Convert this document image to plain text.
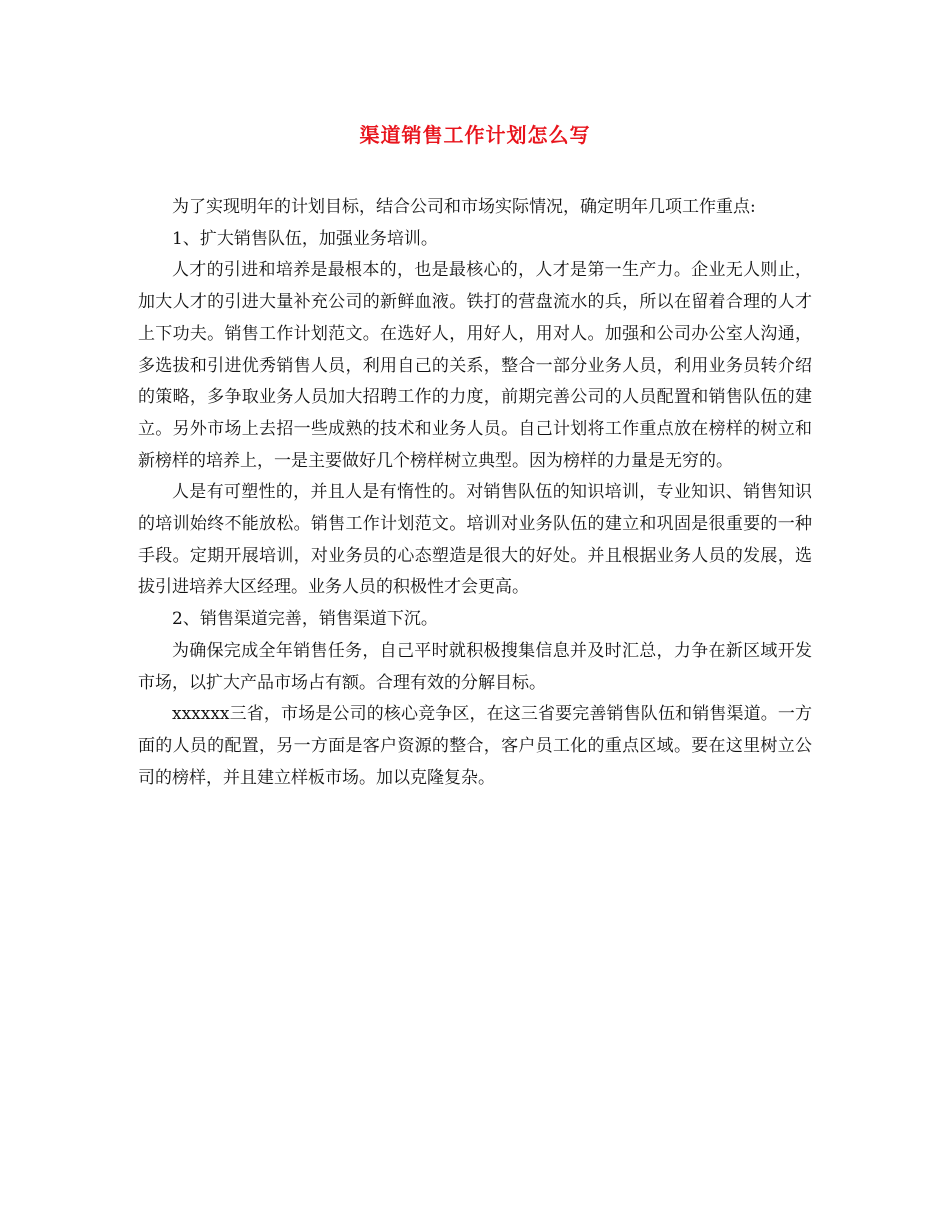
渠道销售工作计划怎么写

为了实现明年的计划目标，结合公司和市场实际情况，确定明年几项工作重点:

1、扩大销售队伍，加强业务培训。

人才的引进和培养是最根本的，也是最核心的，人才是第一生产力。企业无人则止，加大人才的引进大量补充公司的新鲜血液。铁打的营盘流水的兵，所以在留着合理的人才上下功夫。销售工作计划范文。在选好人，用好人，用对人。加强和公司办公室人沟通，多选拔和引进优秀销售人员，利用自己的关系，整合一部分业务人员，利用业务员转介绍的策略，多争取业务人员加大招聘工作的力度，前期完善公司的人员配置和销售队伍的建立。另外市场上去招一些成熟的技术和业务人员。自己计划将工作重点放在榜样的树立和新榜样的培养上，一是主要做好几个榜样树立典型。因为榜样的力量是无穷的。

人是有可塑性的，并且人是有惰性的。对销售队伍的知识培训，专业知识、销售知识的培训始终不能放松。销售工作计划范文。培训对业务队伍的建立和巩固是很重要的一种手段。定期开展培训，对业务员的心态塑造是很大的好处。并且根据业务人员的发展，选拔引进培养大区经理。业务人员的积极性才会更高。

2、销售渠道完善，销售渠道下沉。

为确保完成全年销售任务，自己平时就积极搜集信息并及时汇总，力争在新区域开发市场，以扩大产品市场占有额。合理有效的分解目标。

xxxxxx三省，市场是公司的核心竞争区，在这三省要完善销售队伍和销售渠道。一方面的人员的配置，另一方面是客户资源的整合，客户员工化的重点区域。要在这里树立公司的榜样，并且建立样板市场。加以克隆复杂。
